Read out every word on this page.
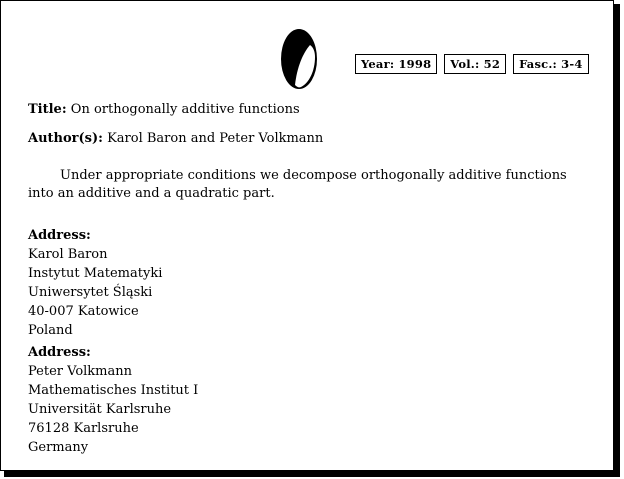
Year: 1998	Vol.: 52	Fasc.: 3-4
Title: On orthogonally additive functions
Author(s): Karol Baron and Peter Volkmann

Under appropriate conditions we decompose orthogonally additive functions into an additive and a quadratic part.

Address:
Karol Baron
Instytut Matematyki
Uniwersytet Śląski
40-007 Katowice
Poland
Address:
Peter Volkmann
Mathematisches Institut I
Universität Karlsruhe
76128 Karlsruhe
Germany
